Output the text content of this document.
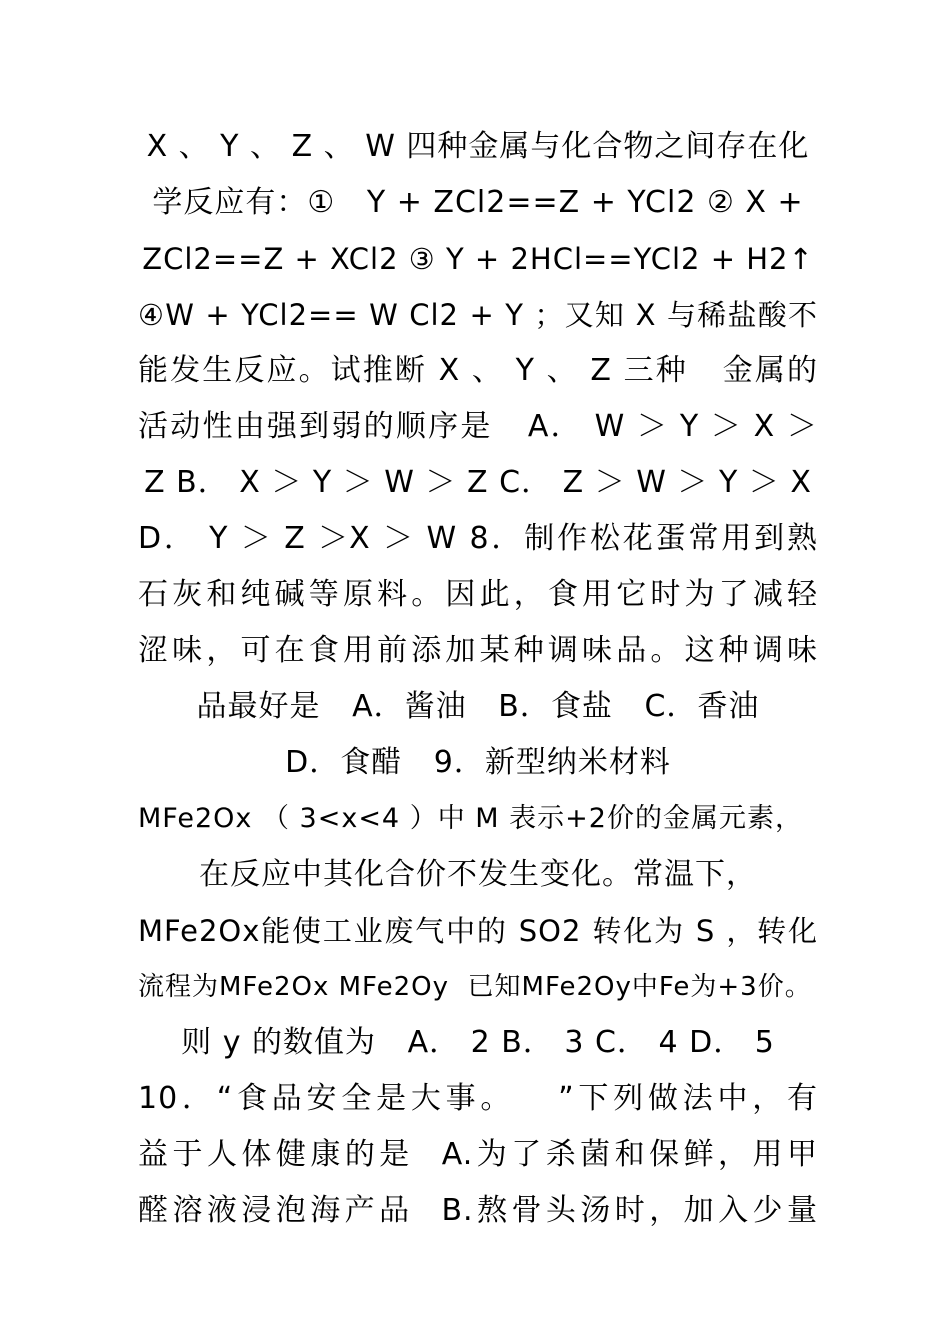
X 、 Y 、 Z 、 W 四种金属与化合物之间存在化
学反应有：①   Y + ZCl2==Z + YCl2 ② X +
ZCl2==Z + XCl2 ③ Y + 2HCl==YCl2 + H2↑
④W + YCl2== W Cl2 + Y ；又知 X 与稀盐酸不
能发生反应。试推断 X 、 Y 、 Z 三种   金属的
活动性由强到弱的顺序是   A． W ＞ Y ＞ X ＞
Z B． X ＞ Y ＞ W ＞ Z C． Z ＞ W ＞ Y ＞ X
D． Y ＞ Z ＞X ＞ W 8．制作松花蛋常用到熟
石灰和纯碱等原料。因此，食用它时为了减轻
涩味，可在食用前添加某种调味品。这种调味
品最好是   A．酱油   B．食盐   C．香油
D．食醋   9．新型纳米材料
MFe2Ox （ 3<x<4 ）中 M 表示+2价的金属元素，
在反应中其化合价不发生变化。常温下，
MFe2Ox能使工业废气中的 SO2 转化为 S ，转化
流程为MFe2Ox MFe2Oy  已知MFe2Oy中Fe为+3价。
则 y 的数值为   A． 2 B． 3 C． 4 D． 5
10．“食品安全是大事。   ”下列做法中，有
益于人体健康的是  A.为了杀菌和保鲜，用甲
醛溶液浸泡海产品  B.熬骨头汤时，加入少量
